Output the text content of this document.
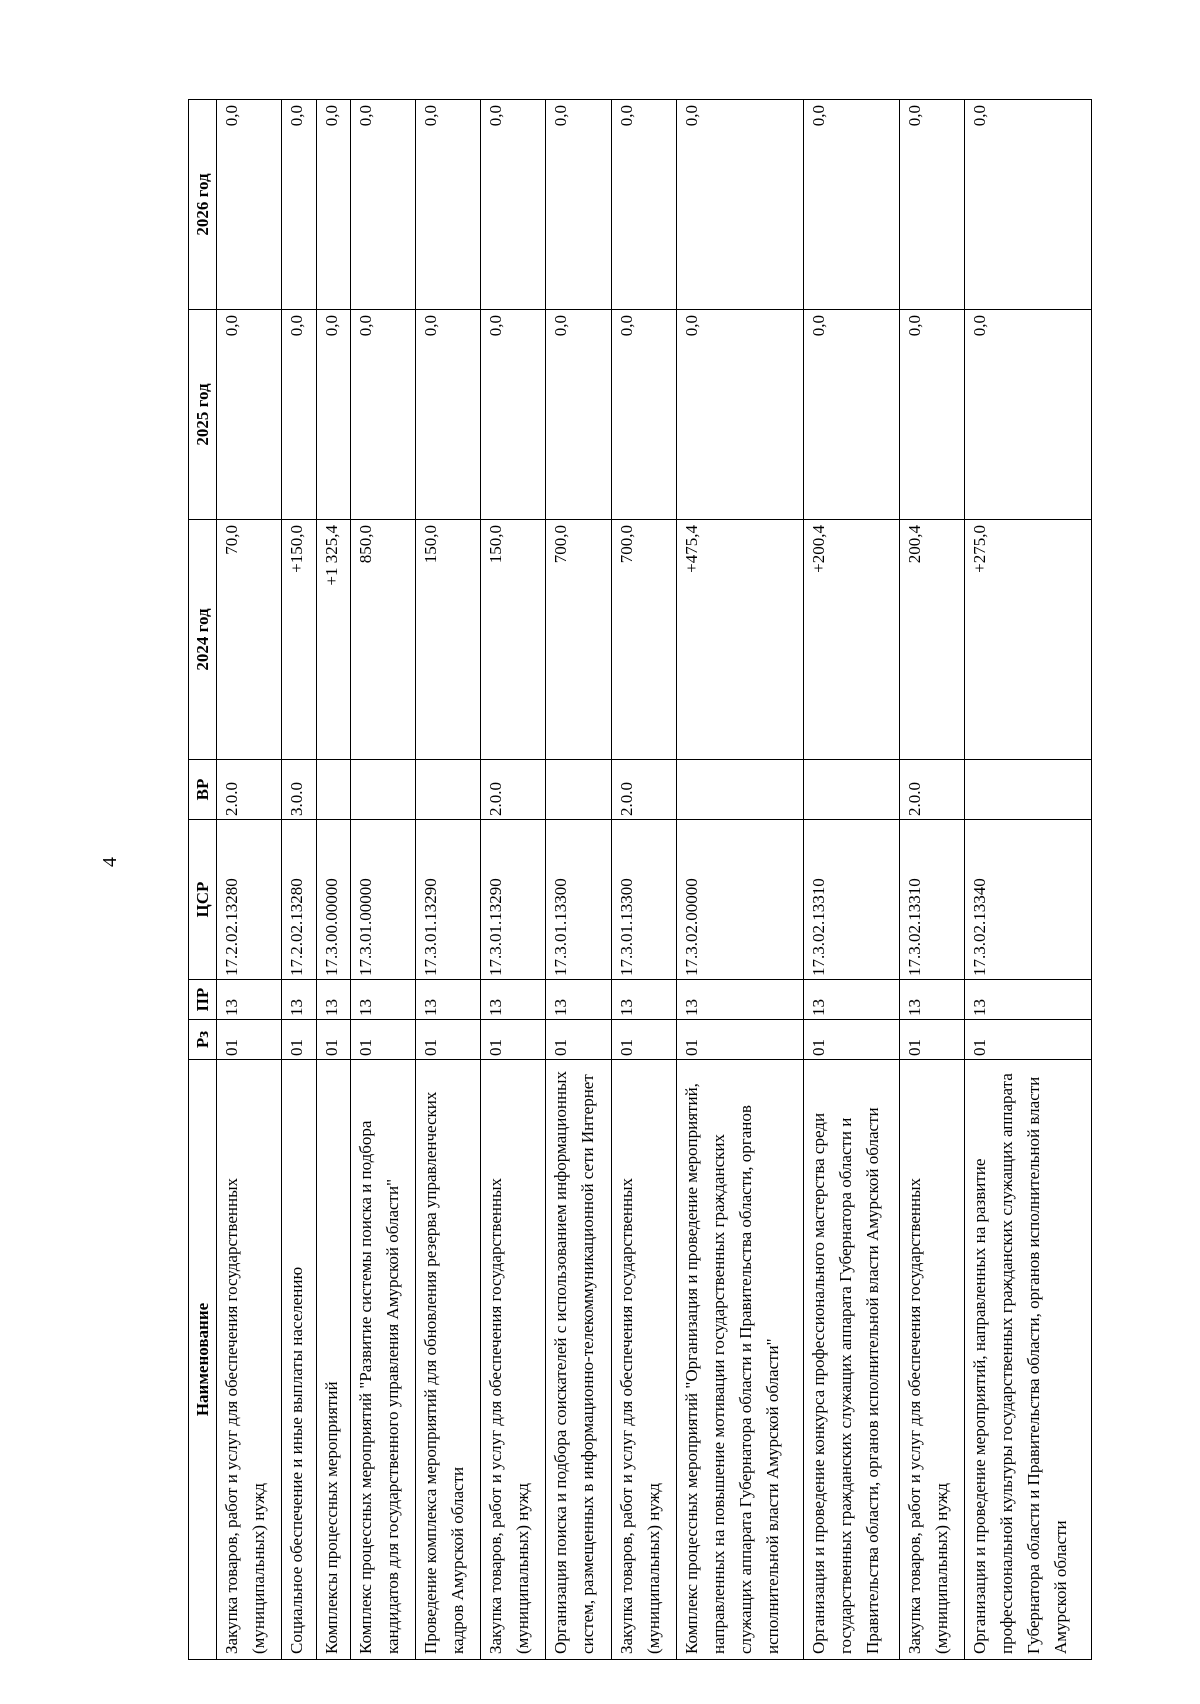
4
Наименование	Рз	ПР	ЦСР	ВР	2024 год	2025 год	2026 год
Закупка товаров, работ и услуг для обеспечения государственных (муниципальных) нужд	01	13	17.2.02.13280	2.0.0	70,0	0,0	0,0
Социальное обеспечение и иные выплаты населению	01	13	17.2.02.13280	3.0.0	+150,0	0,0	0,0
Комплексы процессных мероприятий	01	13	17.3.00.00000		+1 325,4	0,0	0,0
Комплекс процессных мероприятий "Развитие системы поиска и подбора кандидатов для государственного управления Амурской области"	01	13	17.3.01.00000		850,0	0,0	0,0
Проведение комплекса мероприятий для обновления резерва управленческих кадров Амурской области	01	13	17.3.01.13290		150,0	0,0	0,0
Закупка товаров, работ и услуг для обеспечения государственных (муниципальных) нужд	01	13	17.3.01.13290	2.0.0	150,0	0,0	0,0
Организация поиска и подбора соискателей с использованием информационных систем, размещенных в информационно-телекоммуникационной сети Интернет	01	13	17.3.01.13300		700,0	0,0	0,0
Закупка товаров, работ и услуг для обеспечения государственных (муниципальных) нужд	01	13	17.3.01.13300	2.0.0	700,0	0,0	0,0
Комплекс процессных мероприятий "Организация и проведение мероприятий, направленных на повышение мотивации государственных гражданских служащих аппарата Губернатора области и Правительства области, органов исполнительной власти Амурской области"	01	13	17.3.02.00000		+475,4	0,0	0,0
Организация и проведение конкурса профессионального мастерства среди государственных гражданских служащих аппарата Губернатора области и Правительства области, органов исполнительной власти Амурской области	01	13	17.3.02.13310		+200,4	0,0	0,0
Закупка товаров, работ и услуг для обеспечения государственных (муниципальных) нужд	01	13	17.3.02.13310	2.0.0	200,4	0,0	0,0
Организация и проведение мероприятий, направленных на развитие профессиональной культуры государственных гражданских служащих аппарата Губернатора области и Правительства области, органов исполнительной власти Амурской области	01	13	17.3.02.13340		+275,0	0,0	0,0
